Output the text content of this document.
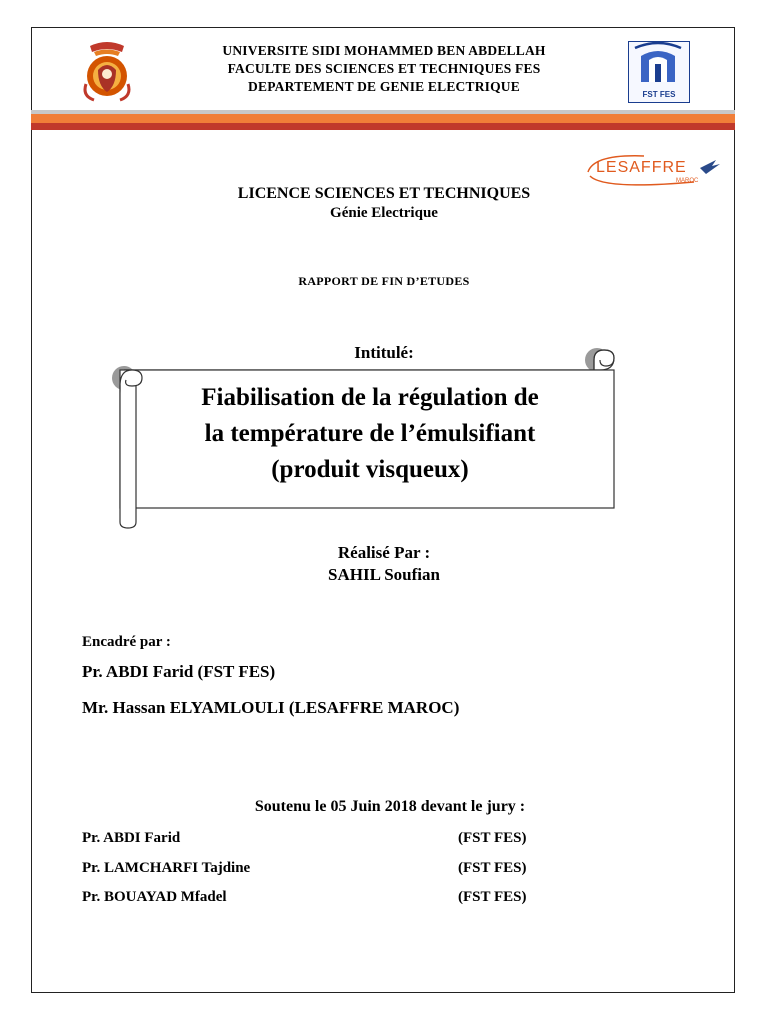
UNIVERSITE SIDI MOHAMMED BEN ABDELLAH
FACULTE DES SCIENCES ET TECHNIQUES FES
DEPARTEMENT DE GENIE ELECTRIQUE
FST FES
LESAFFRE
MAROC
LICENCE SCIENCES ET TECHNIQUES
Génie Electrique
RAPPORT DE FIN D’ETUDES
Intitulé:
Fiabilisation de la régulation de
la température de l’émulsifiant
(produit visqueux)
Réalisé Par :
SAHIL Soufian
Encadré par :
Pr. ABDI Farid (FST FES)
Mr. Hassan ELYAMLOULI (LESAFFRE MAROC)
Soutenu le 05 Juin 2018 devant le jury :
Pr. ABDI Farid	(FST FES)
Pr. LAMCHARFI Tajdine	(FST FES)
Pr. BOUAYAD Mfadel	(FST FES)
